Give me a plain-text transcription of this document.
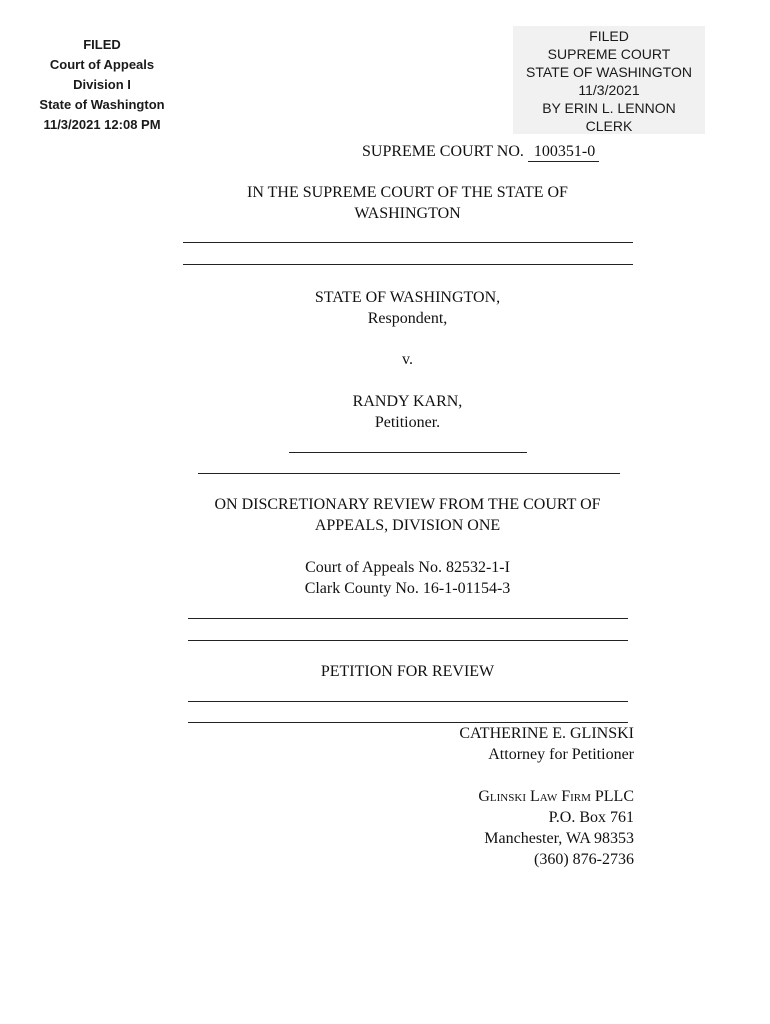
FILED
Court of Appeals
Division I
State of Washington
11/3/2021 12:08 PM
FILED
SUPREME COURT
STATE OF WASHINGTON
11/3/2021
BY ERIN L. LENNON
CLERK
SUPREME COURT NO. 100351-0
IN THE SUPREME COURT OF THE STATE OF
WASHINGTON
STATE OF WASHINGTON,
Respondent,
v.
RANDY KARN,
Petitioner.
ON DISCRETIONARY REVIEW FROM THE COURT OF
APPEALS, DIVISION ONE
Court of Appeals No. 82532-1-I
Clark County No. 16-1-01154-3
PETITION FOR REVIEW
CATHERINE E. GLINSKI
Attorney for Petitioner
Glinski Law Firm PLLC
P.O. Box 761
Manchester, WA 98353
(360) 876-2736
